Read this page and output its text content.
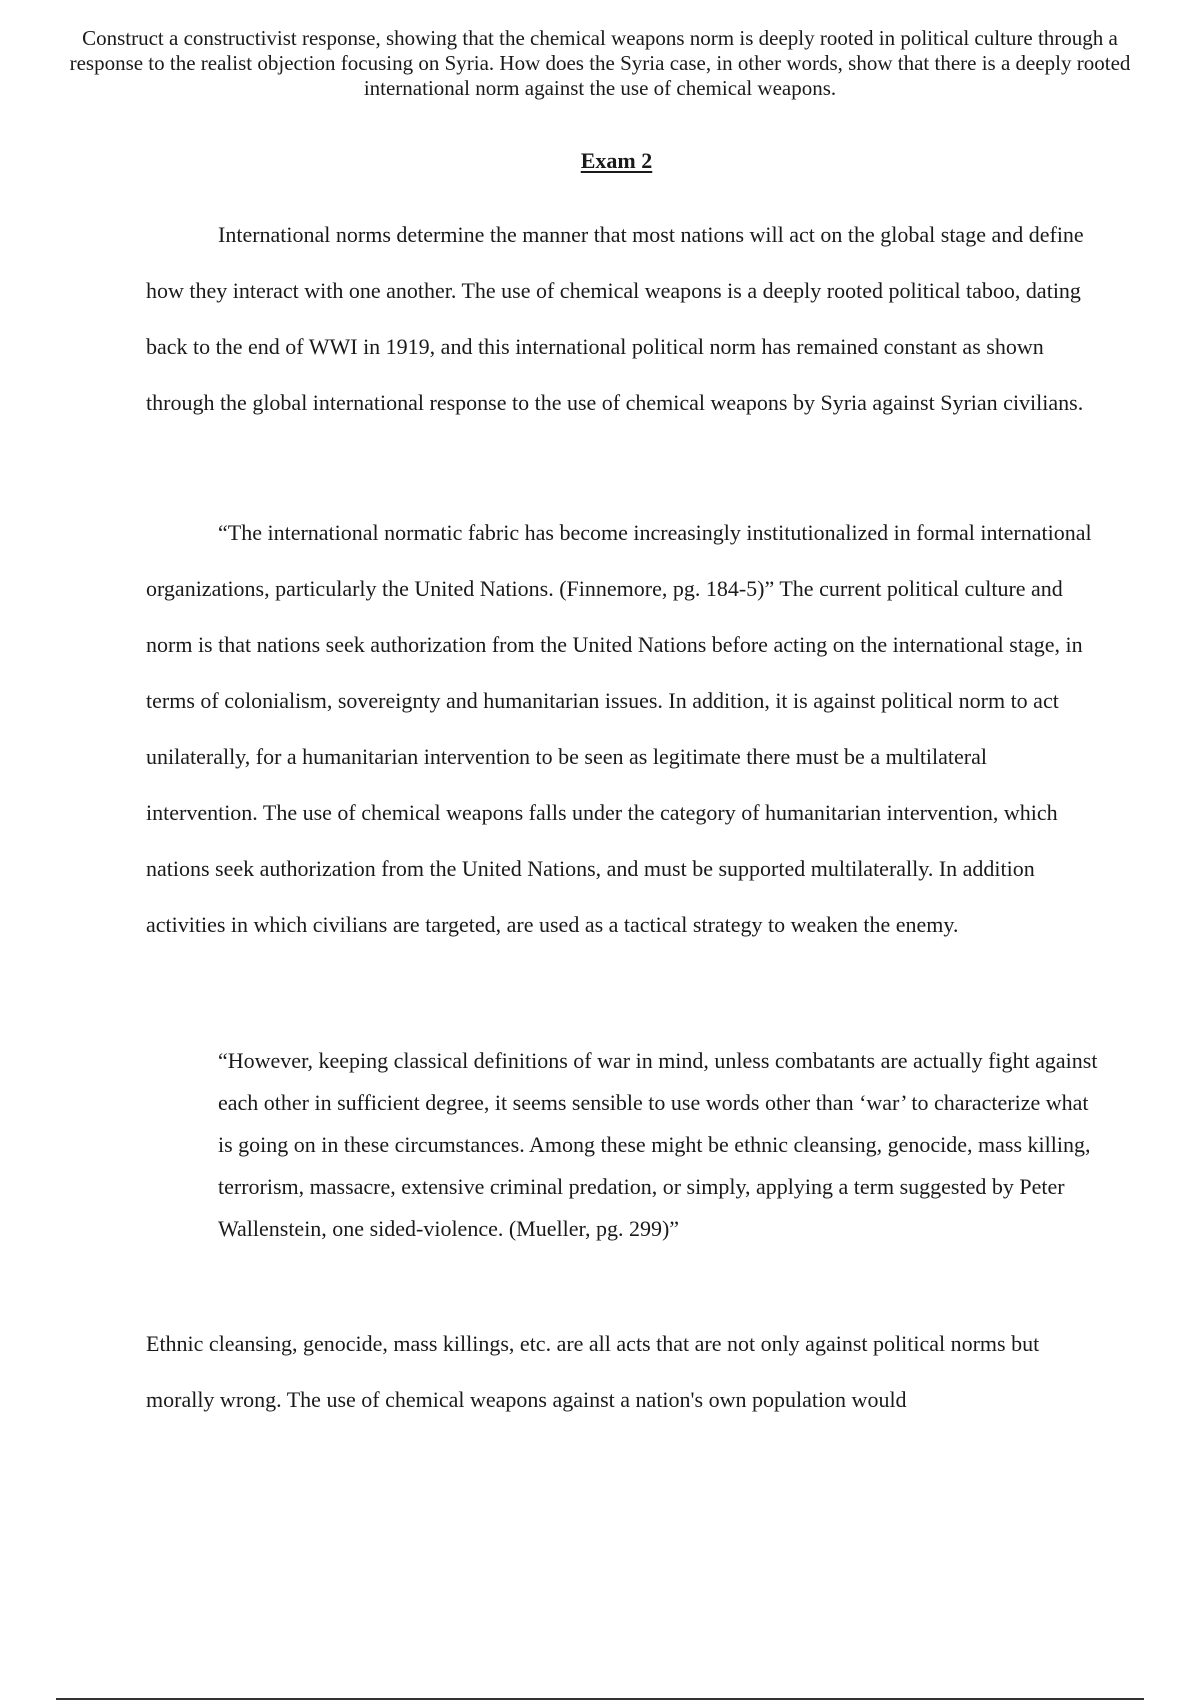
Construct a constructivist response, showing that the chemical weapons norm is deeply rooted in political culture through a response to the realist objection focusing on Syria. How does the Syria case, in other words, show that there is a deeply rooted international norm against the use of chemical weapons.

Exam 2

International norms determine the manner that most nations will act on the global stage and define how they interact with one another. The use of chemical weapons is a deeply rooted political taboo, dating back to the end of WWI in 1919, and this international political norm has remained constant as shown through the global international response to the use of chemical weapons by Syria against Syrian civilians.

“The international normatic fabric has become increasingly institutionalized in formal international organizations, particularly the United Nations. (Finnemore, pg. 184-5)” The current political culture and norm is that nations seek authorization from the United Nations before acting on the international stage, in terms of colonialism, sovereignty and humanitarian issues. In addition, it is against political norm to act unilaterally, for a humanitarian intervention to be seen as legitimate there must be a multilateral intervention. The use of chemical weapons falls under the category of humanitarian intervention, which nations seek authorization from the United Nations, and must be supported multilaterally. In addition activities in which civilians are targeted, are used as a tactical strategy to weaken the enemy.

“However, keeping classical definitions of war in mind, unless combatants are actually fight against each other in sufficient degree, it seems sensible to use words other than ‘war’ to characterize what is going on in these circumstances. Among these might be ethnic cleansing, genocide, mass killing, terrorism, massacre, extensive criminal predation, or simply, applying a term suggested by Peter Wallenstein, one sided-violence. (Mueller, pg. 299)”

Ethnic cleansing, genocide, mass killings, etc. are all acts that are not only against political norms but morally wrong. The use of chemical weapons against a nation's own population would
